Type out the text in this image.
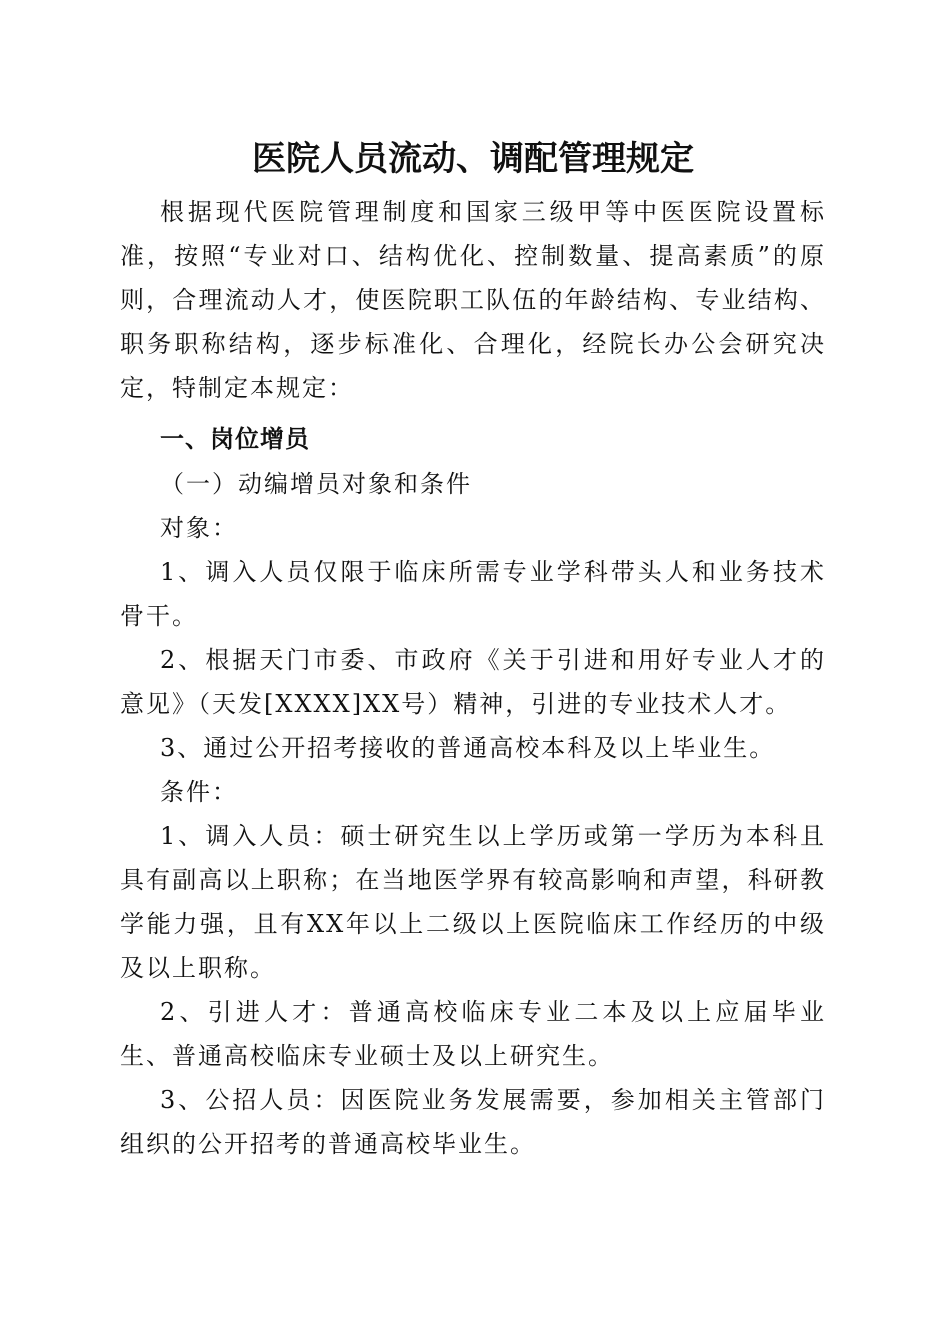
医院人员流动、调配管理规定

根据现代医院管理制度和国家三级甲等中医医院设置标准，按照“专业对口、结构优化、控制数量、提高素质”的原则，合理流动人才，使医院职工队伍的年龄结构、专业结构、职务职称结构，逐步标准化、合理化，经院长办公会研究决定，特制定本规定：

一、岗位增员
（一）动编增员对象和条件
对象：

1、调入人员仅限于临床所需专业学科带头人和业务技术骨干。

2、根据天门市委、市政府《关于引进和用好专业人才的意见》（天发[XXXX]XX号）精神，引进的专业技术人才。

3、通过公开招考接收的普通高校本科及以上毕业生。

条件：

1、调入人员：硕士研究生以上学历或第一学历为本科且具有副高以上职称；在当地医学界有较高影响和声望，科研教学能力强，且有XX年以上二级以上医院临床工作经历的中级及以上职称。

2、引进人才：普通高校临床专业二本及以上应届毕业生、普通高校临床专业硕士及以上研究生。

3、公招人员：因医院业务发展需要，参加相关主管部门组织的公开招考的普通高校毕业生。
